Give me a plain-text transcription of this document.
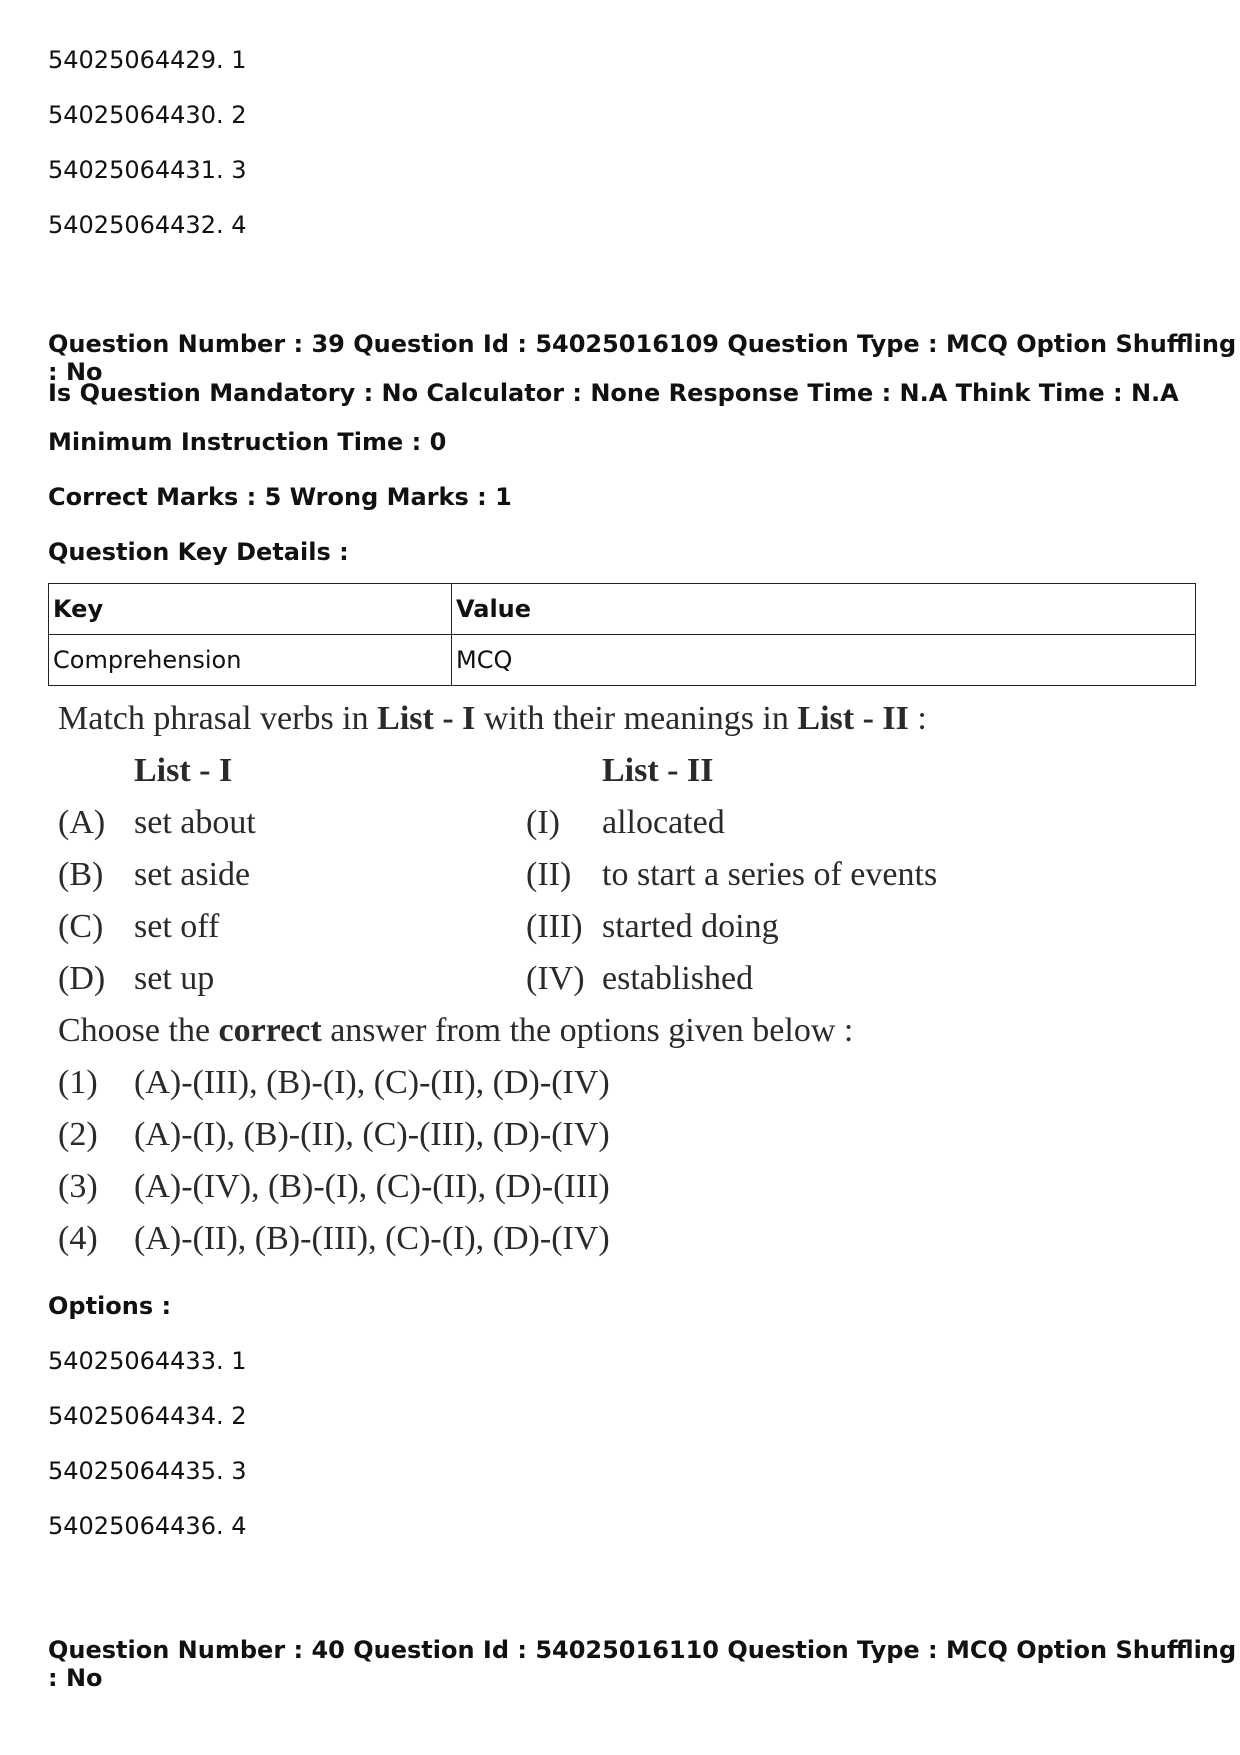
54025064429. 1
54025064430. 2
54025064431. 3
54025064432. 4
Question Number : 39 Question Id : 54025016109 Question Type : MCQ Option Shuffling : No
Is Question Mandatory : No Calculator : None Response Time : N.A Think Time : N.A
Minimum Instruction Time : 0
Correct Marks : 5 Wrong Marks : 1
Question Key Details :
Key	Value
Comprehension	MCQ
Match phrasal verbs in List - I with their meanings in List - II :
List - I	List - II
(A) set about	(I) allocated
(B) set aside	(II) to start a series of events
(C) set off	(III) started doing
(D) set up	(IV) established
Choose the correct answer from the options given below :
(1) (A)-(III), (B)-(I), (C)-(II), (D)-(IV)
(2) (A)-(I), (B)-(II), (C)-(III), (D)-(IV)
(3) (A)-(IV), (B)-(I), (C)-(II), (D)-(III)
(4) (A)-(II), (B)-(III), (C)-(I), (D)-(IV)
Options :
54025064433. 1
54025064434. 2
54025064435. 3
54025064436. 4
Question Number : 40 Question Id : 54025016110 Question Type : MCQ Option Shuffling : No
